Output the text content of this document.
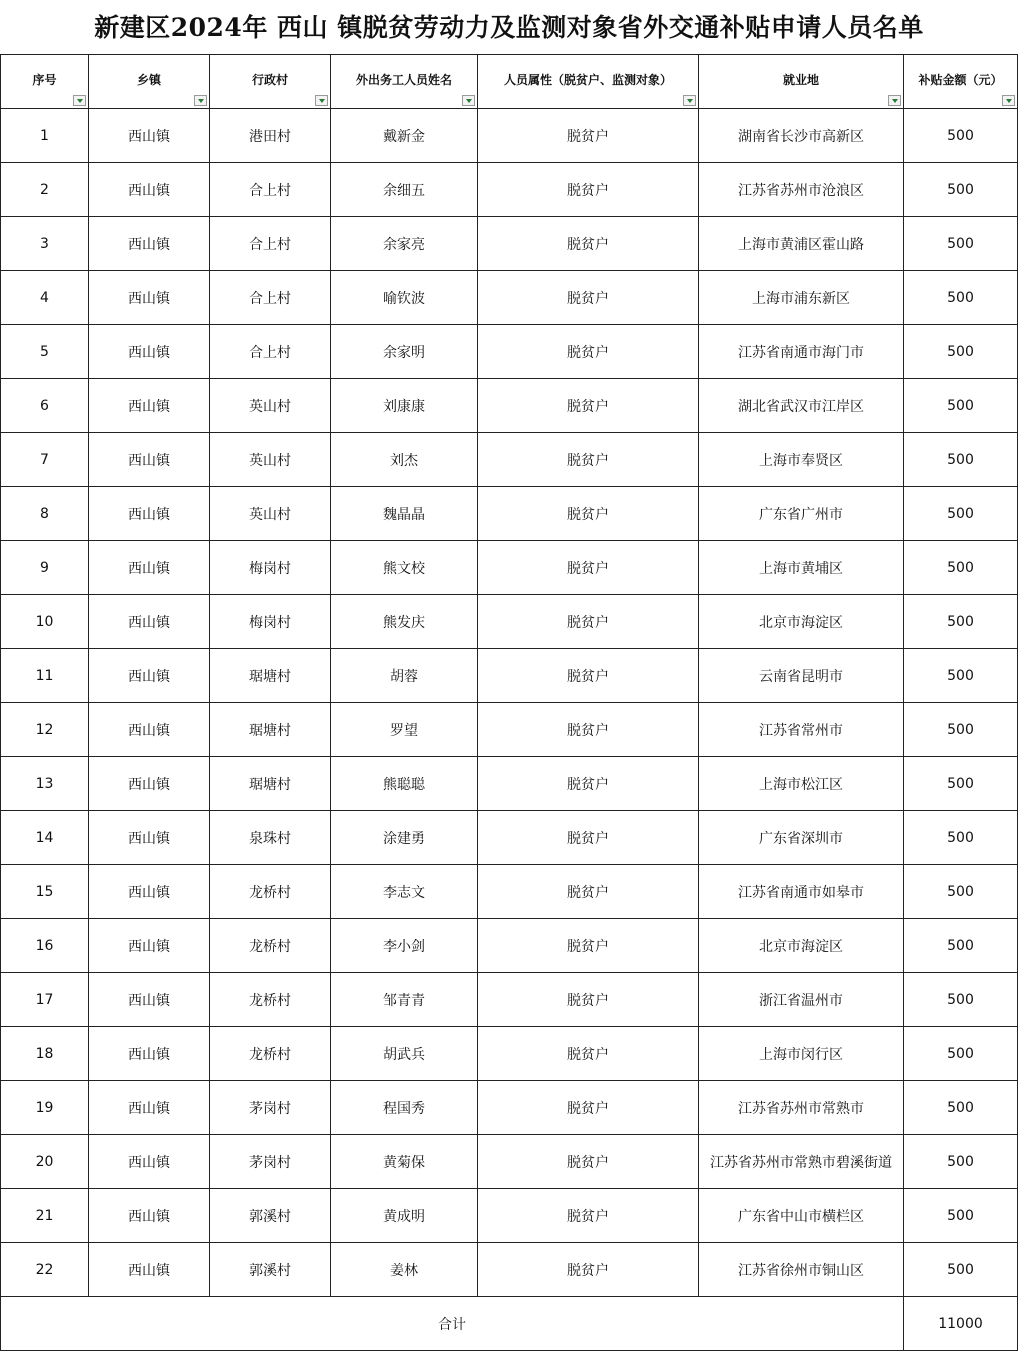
新建区2024年 西山 镇脱贫劳动力及监测对象省外交通补贴申请人员名单
序号	乡镇	行政村	外出务工人员姓名	人员属性（脱贫户、监测对象）	就业地	补贴金额（元）

1	西山镇	港田村	戴新金	脱贫户	湖南省长沙市高新区	500
2	西山镇	合上村	余细五	脱贫户	江苏省苏州市沧浪区	500
3	西山镇	合上村	余家亮	脱贫户	上海市黄浦区霍山路	500
4	西山镇	合上村	喻钦波	脱贫户	上海市浦东新区	500
5	西山镇	合上村	余家明	脱贫户	江苏省南通市海门市	500
6	西山镇	英山村	刘康康	脱贫户	湖北省武汉市江岸区	500
7	西山镇	英山村	刘杰	脱贫户	上海市奉贤区	500
8	西山镇	英山村	魏晶晶	脱贫户	广东省广州市	500
9	西山镇	梅岗村	熊文校	脱贫户	上海市黄埔区	500
10	西山镇	梅岗村	熊发庆	脱贫户	北京市海淀区	500
11	西山镇	琚塘村	胡蓉	脱贫户	云南省昆明市	500
12	西山镇	琚塘村	罗望	脱贫户	江苏省常州市	500
13	西山镇	琚塘村	熊聪聪	脱贫户	上海市松江区	500
14	西山镇	泉珠村	涂建勇	脱贫户	广东省深圳市	500
15	西山镇	龙桥村	李志文	脱贫户	江苏省南通市如皋市	500
16	西山镇	龙桥村	李小剑	脱贫户	北京市海淀区	500
17	西山镇	龙桥村	邹青青	脱贫户	浙江省温州市	500
18	西山镇	龙桥村	胡武兵	脱贫户	上海市闵行区	500
19	西山镇	茅岗村	程国秀	脱贫户	江苏省苏州市常熟市	500
20	西山镇	茅岗村	黄菊保	脱贫户	江苏省苏州市常熟市碧溪街道	500
21	西山镇	郭溪村	黄成明	脱贫户	广东省中山市横栏区	500
22	西山镇	郭溪村	姜林	脱贫户	江苏省徐州市铜山区	500
合计						11000
